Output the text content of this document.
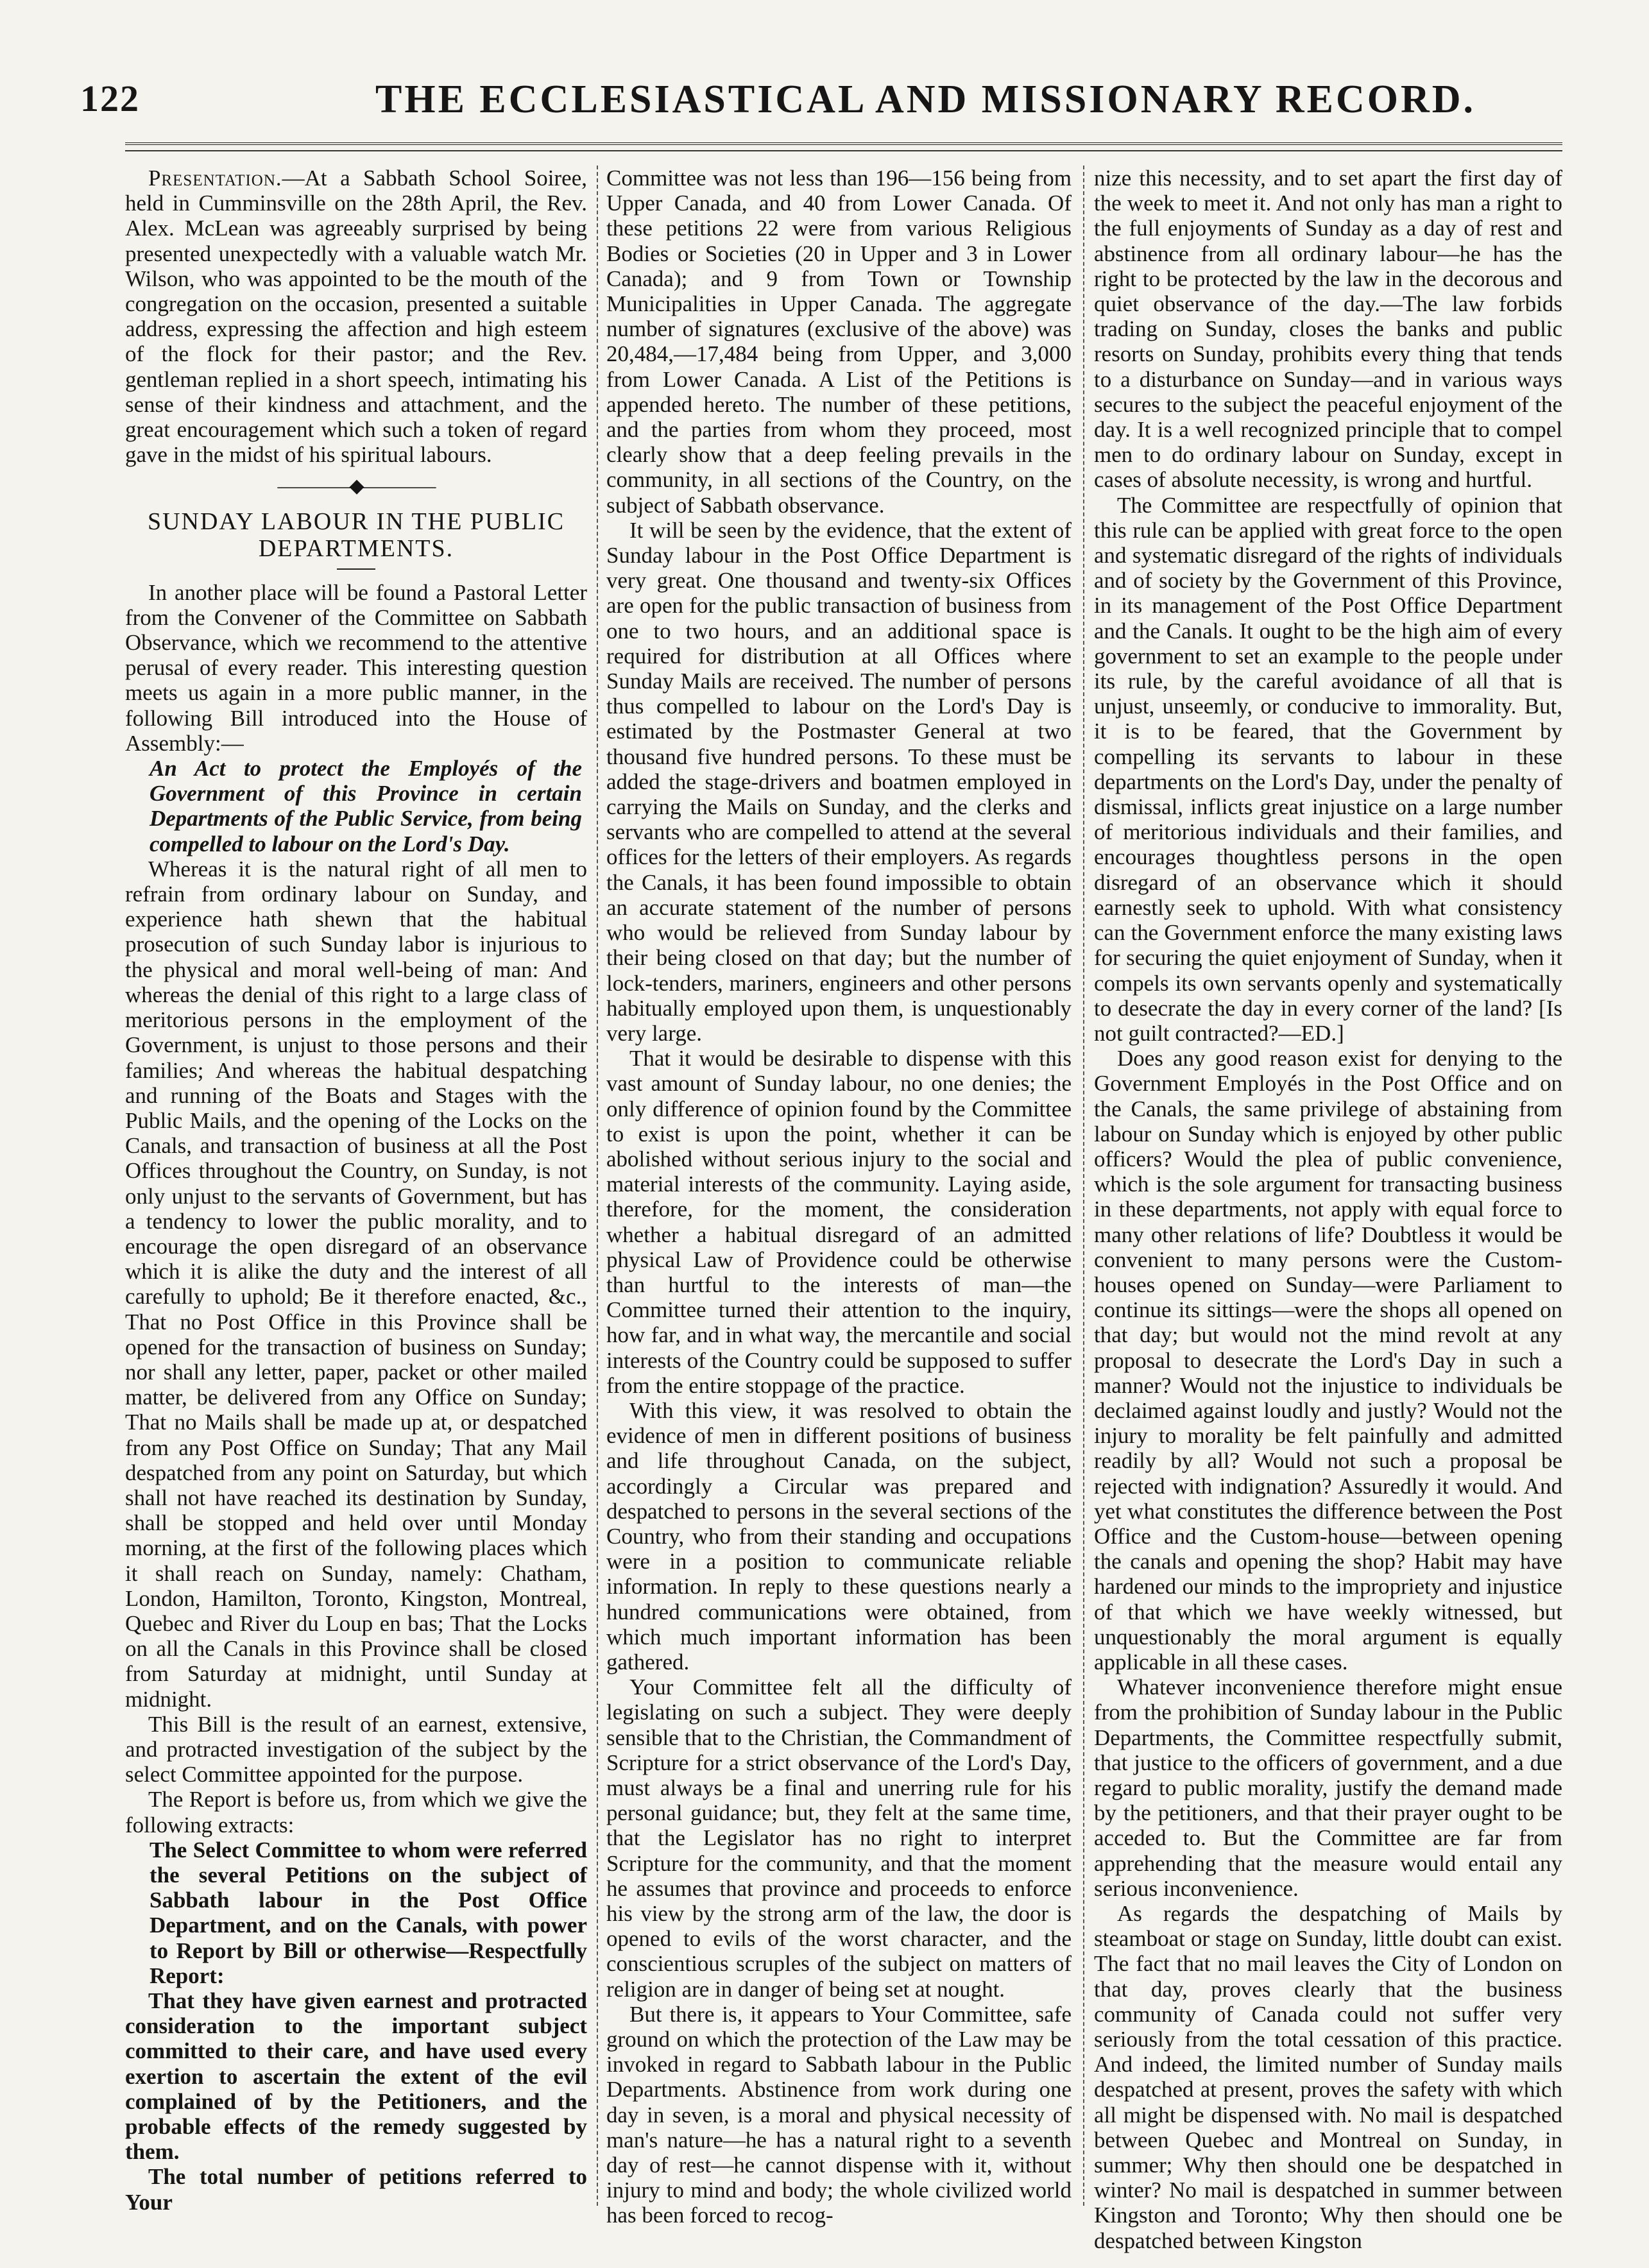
122	THE ECCLESIASTICAL AND MISSIONARY RECORD.

Presentation.—At a Sabbath School Soiree, held in Cumminsville on the 28th April, the Rev. Alex. McLean was agreeably surprised by being presented unexpectedly with a valuable watch Mr. Wilson, who was appointed to be the mouth of the congregation on the occasion, presented a suitable address, expressing the affection and high esteem of the flock for their pastor; and the Rev. gentleman replied in a short speech, intimating his sense of their kindness and attachment, and the great encouragement which such a token of regard gave in the midst of his spiritual labours.

————◆————
SUNDAY LABOUR IN THE PUBLIC DEPARTMENTS.

In another place will be found a Pastoral Letter from the Convener of the Committee on Sabbath Observance, which we recommend to the attentive perusal of every reader. This interesting question meets us again in a more public manner, in the following Bill introduced into the House of Assembly:—

An Act to protect the Employés of the Government of this Province in certain Departments of the Public Service, from being compelled to labour on the Lord's Day.

Whereas it is the natural right of all men to refrain from ordinary labour on Sunday, and experience hath shewn that the habitual prosecution of such Sunday labor is injurious to the physical and moral well-being of man: And whereas the denial of this right to a large class of meritorious persons in the employment of the Government, is unjust to those persons and their families; And whereas the habitual despatching and running of the Boats and Stages with the Public Mails, and the opening of the Locks on the Canals, and transaction of business at all the Post Offices throughout the Country, on Sunday, is not only unjust to the servants of Government, but has a tendency to lower the public morality, and to encourage the open disregard of an observance which it is alike the duty and the interest of all carefully to uphold; Be it therefore enacted, &c., That no Post Office in this Province shall be opened for the transaction of business on Sunday; nor shall any letter, paper, packet or other mailed matter, be delivered from any Office on Sunday; That no Mails shall be made up at, or despatched from any Post Office on Sunday; That any Mail despatched from any point on Saturday, but which shall not have reached its destination by Sunday, shall be stopped and held over until Monday morning, at the first of the following places which it shall reach on Sunday, namely: Chatham, London, Hamilton, Toronto, Kingston, Montreal, Quebec and River du Loup en bas; That the Locks on all the Canals in this Province shall be closed from Saturday at midnight, until Sunday at midnight.

This Bill is the result of an earnest, extensive, and protracted investigation of the subject by the select Committee appointed for the purpose.

The Report is before us, from which we give the following extracts:

The Select Committee to whom were referred the several Petitions on the subject of Sabbath labour in the Post Office Department, and on the Canals, with power to Report by Bill or otherwise—Respectfully Report:

That they have given earnest and protracted consideration to the important subject committed to their care, and have used every exertion to ascertain the extent of the evil complained of by the Petitioners, and the probable effects of the remedy suggested by them.

The total number of petitions referred to Your

Committee was not less than 196—156 being from Upper Canada, and 40 from Lower Canada. Of these petitions 22 were from various Religious Bodies or Societies (20 in Upper and 3 in Lower Canada); and 9 from Town or Township Municipalities in Upper Canada. The aggregate number of signatures (exclusive of the above) was 20,484,—17,484 being from Upper, and 3,000 from Lower Canada. A List of the Petitions is appended hereto. The number of these petitions, and the parties from whom they proceed, most clearly show that a deep feeling prevails in the community, in all sections of the Country, on the subject of Sabbath observance.

It will be seen by the evidence, that the extent of Sunday labour in the Post Office Department is very great. One thousand and twenty-six Offices are open for the public transaction of business from one to two hours, and an additional space is required for distribution at all Offices where Sunday Mails are received. The number of persons thus compelled to labour on the Lord's Day is estimated by the Postmaster General at two thousand five hundred persons. To these must be added the stage-drivers and boatmen employed in carrying the Mails on Sunday, and the clerks and servants who are compelled to attend at the several offices for the letters of their employers. As regards the Canals, it has been found impossible to obtain an accurate statement of the number of persons who would be relieved from Sunday labour by their being closed on that day; but the number of lock-tenders, mariners, engineers and other persons habitually employed upon them, is unquestionably very large.

That it would be desirable to dispense with this vast amount of Sunday labour, no one denies; the only difference of opinion found by the Committee to exist is upon the point, whether it can be abolished without serious injury to the social and material interests of the community. Laying aside, therefore, for the moment, the consideration whether a habitual disregard of an admitted physical Law of Providence could be otherwise than hurtful to the interests of man—the Committee turned their attention to the inquiry, how far, and in what way, the mercantile and social interests of the Country could be supposed to suffer from the entire stoppage of the practice.

With this view, it was resolved to obtain the evidence of men in different positions of business and life throughout Canada, on the subject, accordingly a Circular was prepared and despatched to persons in the several sections of the Country, who from their standing and occupations were in a position to communicate reliable information. In reply to these questions nearly a hundred communications were obtained, from which much important information has been gathered.

Your Committee felt all the difficulty of legislating on such a subject. They were deeply sensible that to the Christian, the Commandment of Scripture for a strict observance of the Lord's Day, must always be a final and unerring rule for his personal guidance; but, they felt at the same time, that the Legislator has no right to interpret Scripture for the community, and that the moment he assumes that province and proceeds to enforce his view by the strong arm of the law, the door is opened to evils of the worst character, and the conscientious scruples of the subject on matters of religion are in danger of being set at nought.

But there is, it appears to Your Committee, safe ground on which the protection of the Law may be invoked in regard to Sabbath labour in the Public Departments. Abstinence from work during one day in seven, is a moral and physical necessity of man's nature—he has a natural right to a seventh day of rest—he cannot dispense with it, without injury to mind and body; the whole civilized world has been forced to recog-

nize this necessity, and to set apart the first day of the week to meet it. And not only has man a right to the full enjoyments of Sunday as a day of rest and abstinence from all ordinary labour—he has the right to be protected by the law in the decorous and quiet observance of the day.—The law forbids trading on Sunday, closes the banks and public resorts on Sunday, prohibits every thing that tends to a disturbance on Sunday—and in various ways secures to the subject the peaceful enjoyment of the day. It is a well recognized principle that to compel men to do ordinary labour on Sunday, except in cases of absolute necessity, is wrong and hurtful.

The Committee are respectfully of opinion that this rule can be applied with great force to the open and systematic disregard of the rights of individuals and of society by the Government of this Province, in its management of the Post Office Department and the Canals. It ought to be the high aim of every government to set an example to the people under its rule, by the careful avoidance of all that is unjust, unseemly, or conducive to immorality. But, it is to be feared, that the Government by compelling its servants to labour in these departments on the Lord's Day, under the penalty of dismissal, inflicts great injustice on a large number of meritorious individuals and their families, and encourages thoughtless persons in the open disregard of an observance which it should earnestly seek to uphold. With what consistency can the Government enforce the many existing laws for securing the quiet enjoyment of Sunday, when it compels its own servants openly and systematically to desecrate the day in every corner of the land? [Is not guilt contracted?—ED.]

Does any good reason exist for denying to the Government Employés in the Post Office and on the Canals, the same privilege of abstaining from labour on Sunday which is enjoyed by other public officers? Would the plea of public convenience, which is the sole argument for transacting business in these departments, not apply with equal force to many other relations of life? Doubtless it would be convenient to many persons were the Custom-houses opened on Sunday—were Parliament to continue its sittings—were the shops all opened on that day; but would not the mind revolt at any proposal to desecrate the Lord's Day in such a manner? Would not the injustice to individuals be declaimed against loudly and justly? Would not the injury to morality be felt painfully and admitted readily by all? Would not such a proposal be rejected with indignation? Assuredly it would. And yet what constitutes the difference between the Post Office and the Custom-house—between opening the canals and opening the shop? Habit may have hardened our minds to the impropriety and injustice of that which we have weekly witnessed, but unquestionably the moral argument is equally applicable in all these cases.

Whatever inconvenience therefore might ensue from the prohibition of Sunday labour in the Public Departments, the Committee respectfully submit, that justice to the officers of government, and a due regard to public morality, justify the demand made by the petitioners, and that their prayer ought to be acceded to. But the Committee are far from apprehending that the measure would entail any serious inconvenience.

As regards the despatching of Mails by steamboat or stage on Sunday, little doubt can exist. The fact that no mail leaves the City of London on that day, proves clearly that the business community of Canada could not suffer very seriously from the total cessation of this practice. And indeed, the limited number of Sunday mails despatched at present, proves the safety with which all might be dispensed with. No mail is despatched between Quebec and Montreal on Sunday, in summer; Why then should one be despatched in winter? No mail is despatched in summer between Kingston and Toronto; Why then should one be despatched between Kingston
